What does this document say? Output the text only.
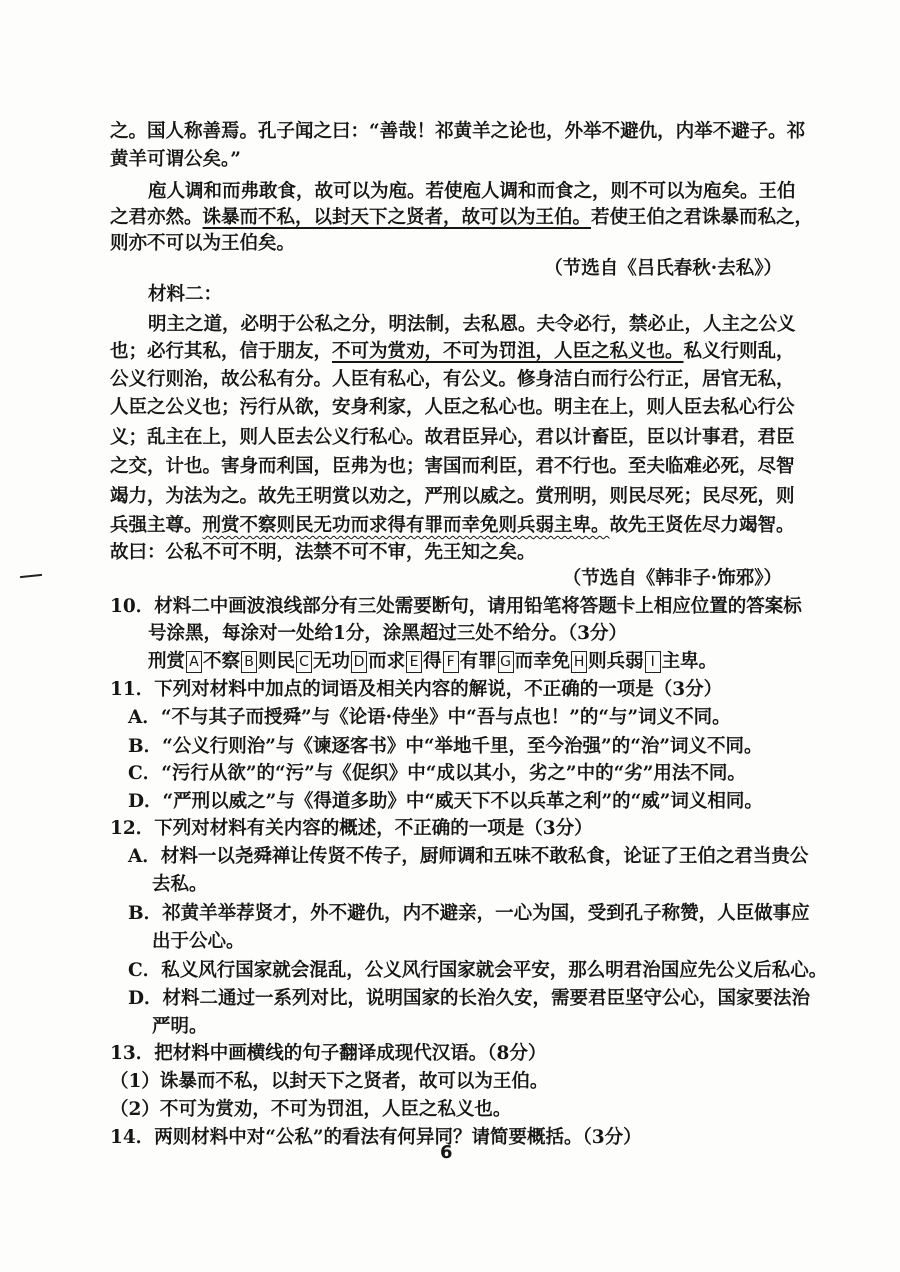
之。国人称善焉。孔子闻之曰：“善哉！祁黄羊之论也，外举不避仇，内举不避子。祁
黄羊可谓公矣。”
庖人调和而弗敢食，故可以为庖。若使庖人调和而食之，则不可以为庖矣。王伯
之君亦然。诛暴而不私，以封天下之贤者，故可以为王伯。若使王伯之君诛暴而私之，
则亦不可以为王伯矣。
（节选自《吕氏春秋·去私》）
材料二：
明主之道，必明于公私之分，明法制，去私恩。夫令必行，禁必止，人主之公义
也；必行其私，信于朋友，不可为赏劝，不可为罚沮，人臣之私义也。私义行则乱，
公义行则治，故公私有分。人臣有私心，有公义。修身洁白而行公行正，居官无私，
人臣之公义也；污行从欲，安身利家，人臣之私心也。明主在上，则人臣去私心行公
义；乱主在上，则人臣去公义行私心。故君臣异心，君以计畜臣，臣以计事君，君臣
之交，计也。害身而利国，臣弗为也；害国而利臣，君不行也。至夫临难必死，尽智
竭力，为法为之。故先王明赏以劝之，严刑以威之。赏刑明，则民尽死；民尽死，则
兵强主尊。刑赏不察则民无功而求得有罪而幸免则兵弱主卑。故先王贤佐尽力竭智。
故曰：公私不可不明，法禁不可不审，先王知之矣。
（节选自《韩非子·饰邪》）
10．材料二中画波浪线部分有三处需要断句，请用铅笔将答题卡上相应位置的答案标
号涂黑，每涂对一处给1分，涂黑超过三处不给分。（3分）
刑赏 A 不察 B 则民 C 无功 D 而求 E 得 F 有罪 G 而幸免 H 则兵弱 I 主卑。
11．下列对材料中加点的词语及相关内容的解说，不正确的一项是（3分）
A．“不与其子而授舜”与《论语·侍坐》中“吾与点也！”的“与”词义不同。
B．“公义行则治”与《谏逐客书》中“举地千里，至今治强”的“治”词义不同。
C．“污行从欲”的“污”与《促织》中“成以其小，劣之”中的“劣”用法不同。
D．“严刑以威之”与《得道多助》中“威天下不以兵革之利”的“威”词义相同。
12．下列对材料有关内容的概述，不正确的一项是（3分）
A．材料一以尧舜禅让传贤不传子，厨师调和五味不敢私食，论证了王伯之君当贵公
去私。
B．祁黄羊举荐贤才，外不避仇，内不避亲，一心为国，受到孔子称赞，人臣做事应
出于公心。
C．私义风行国家就会混乱，公义风行国家就会平安，那么明君治国应先公义后私心。
D．材料二通过一系列对比，说明国家的长治久安，需要君臣坚守公心，国家要法治
严明。
13．把材料中画横线的句子翻译成现代汉语。（8分）
（1）诛暴而不私，以封天下之贤者，故可以为王伯。
（2）不可为赏劝，不可为罚沮，人臣之私义也。
14．两则材料中对“公私”的看法有何异同？请简要概括。（3分）
6
